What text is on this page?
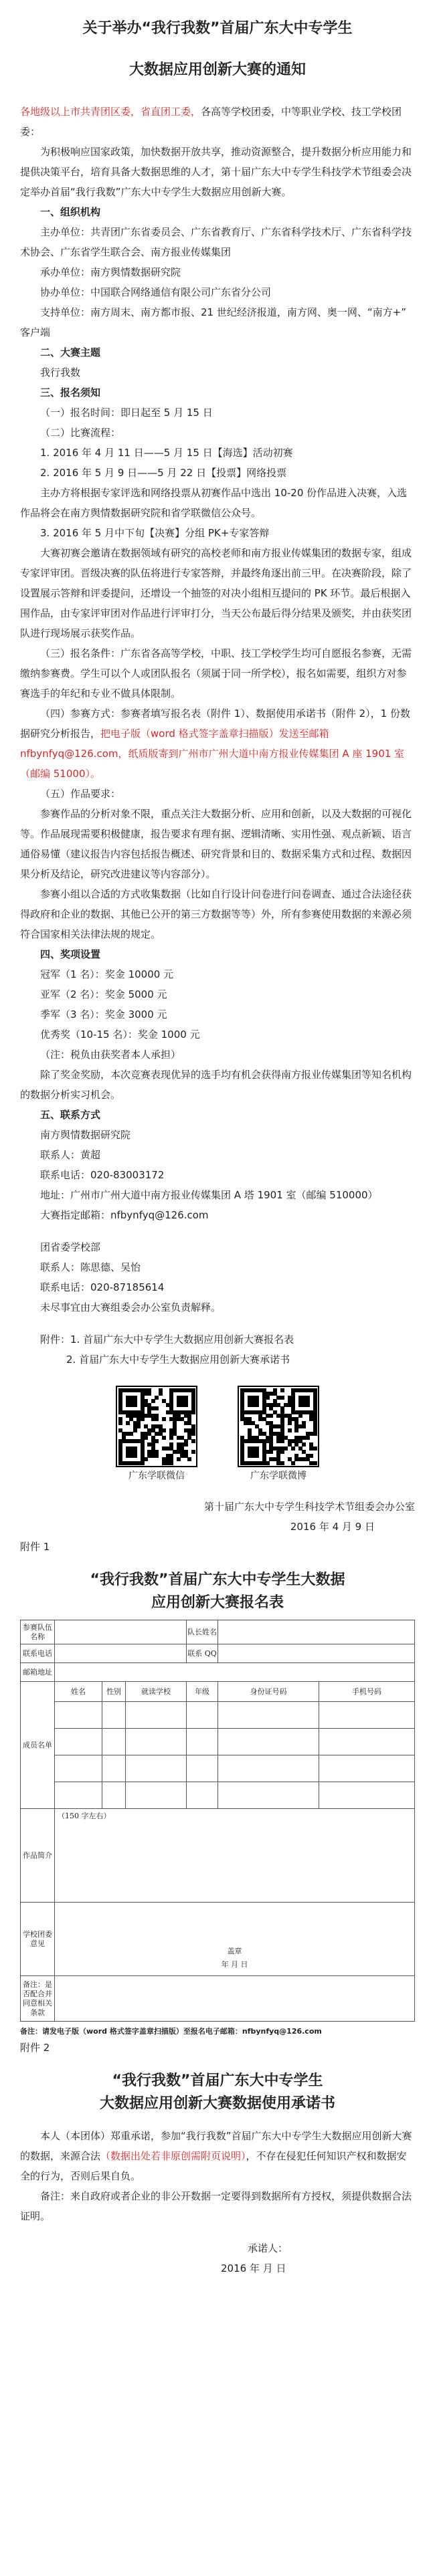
关于举办“我行我数”首届广东大中专学生
大数据应用创新大赛的通知

各地级以上市共青团区委，省直团工委，各高等学校团委，中等职业学校、技工学校团委：

为积极响应国家政策，加快数据开放共享，推动资源整合，提升数据分析应用能力和提供决策平台，培育具备大数据思维的人才，第十届广东大中专学生科技学术节组委会决定举办首届“我行我数”广东大中专学生大数据应用创新大赛。

一、组织机构

主办单位：共青团广东省委员会、广东省教育厅、广东省科学技术厅、广东省科学技术协会、广东省学生联合会、南方报业传媒集团

承办单位：南方舆情数据研究院

协办单位：中国联合网络通信有限公司广东省分公司

支持单位：南方周末、南方都市报、21 世纪经济报道，南方网、奥一网、“南方+” 客户端

二、大赛主题

我行我数

三、报名须知

（一）报名时间：即日起至 5 月 15 日

（二）比赛流程：

1. 2016 年 4 月 11 日——5 月 15 日【海选】活动初赛

2. 2016 年 5 月 9 日——5 月 22 日【投票】网络投票

主办方将根据专家评选和网络投票从初赛作品中选出 10-20 份作品进入决赛，入选作品将会在南方舆情数据研究院和省学联微信公众号。

3. 2016 年 5 月中下旬【决赛】分组 PK+专家答辩

大赛初赛会邀请在数据领域有研究的高校老师和南方报业传媒集团的数据专家，组成专家评审团。晋级决赛的队伍将进行专家答辩，并最终角逐出前三甲。在决赛阶段，除了设置展示答辩和评委提问，还增设一个抽签的对决小组相互提问的 PK 环节。最后根据入围作品，由专家评审团对作品进行评审打分，当天公布最后得分结果及颁奖，并由获奖团队进行现场展示获奖作品。

（三）报名条件：广东省各高等学校，中职、技工学校学生均可自愿报名参赛，无需缴纳参赛费。学生可以个人或团队报名（须属于同一所学校），报名如需要，组织方对参赛选手的年纪和专业不做具体限制。

（四）参赛方式：参赛者填写报名表（附件 1）、数据使用承诺书（附件 2），1 份数据研究分析报告，把电子版（word 格式签字盖章扫描版）发送至邮箱 nfbynfyq@126.com，纸质版寄到广州市广州大道中南方报业传媒集团 A 座 1901 室（邮编 51000）。

（五）作品要求：

参赛作品的分析对象不限，重点关注大数据分析、应用和创新，以及大数据的可视化等。作品展现需要积极健康，报告要求有理有据、逻辑清晰、实用性强、观点新颖、语言通俗易懂（建议报告内容包括报告概述、研究背景和目的、数据采集方式和过程、数据因果分析及结论，研究改进建议等内容部分）。

参赛小组以合适的方式收集数据（比如自行设计问卷进行问卷调查、通过合法途径获得政府和企业的数据、其他已公开的第三方数据等等）外，所有参赛使用数据的来源必须符合国家相关法律法规的规定。

四、奖项设置

冠军（1 名）：奖金 10000 元

亚军（2 名）：奖金 5000 元

季军（3 名）：奖金 3000 元

优秀奖（10-15 名）：奖金 1000 元

（注：税负由获奖者本人承担）

除了奖金奖励，本次竞赛表现优异的选手均有机会获得南方报业传媒集团等知名机构的数据分析实习机会。

五、联系方式

南方舆情数据研究院

联系人：黄超

联系电话：020-83003172

地址：广州市广州大道中南方报业传媒集团 A 塔 1901 室（邮编 510000）

大赛指定邮箱：nfbynfyq@126.com

团省委学校部

联系人：陈思德、吴怡

联系电话：020-87185614

未尽事宜由大赛组委会办公室负责解释。

附件：1. 首届广东大中专学生大数据应用创新大赛报名表

2. 首届广东大中专学生大数据应用创新大赛承诺书

广东学联微信	广东学联微博

第十届广东大中专学生科技学术节组委会办公室

2016 年 4 月 9 日

附件 1

“我行我数”首届广东大中专学生大数据
应用创新大赛报名表
参赛队伍名称				队长姓名		
联系电话				联系 QQ		
邮箱地址						
成员名单	姓名	性别	就读学校	年级	身份证号码	手机号码

作品简介	（150 字左右）					
学校团委意见	盖章
年 月 日					

备注：是否配合并同意相关条款						
备注：请发电子版（word 格式签字盖章扫描版）至报名电子邮箱：nfbynfyq@126.com

附件 2

“我行我数”首届广东大中专学生
大数据应用创新大赛数据使用承诺书

本人（本团体）郑重承诺，参加“我行我数”首届广东大中专学生大数据应用创新大赛的数据，来源合法（数据出处若非原创需附页说明），不存在侵犯任何知识产权和数据安全的行为，否则后果自负。

备注：来自政府或者企业的非公开数据一定要得到数据所有方授权，须提供数据合法证明。

承诺人：

2016 年 月 日
